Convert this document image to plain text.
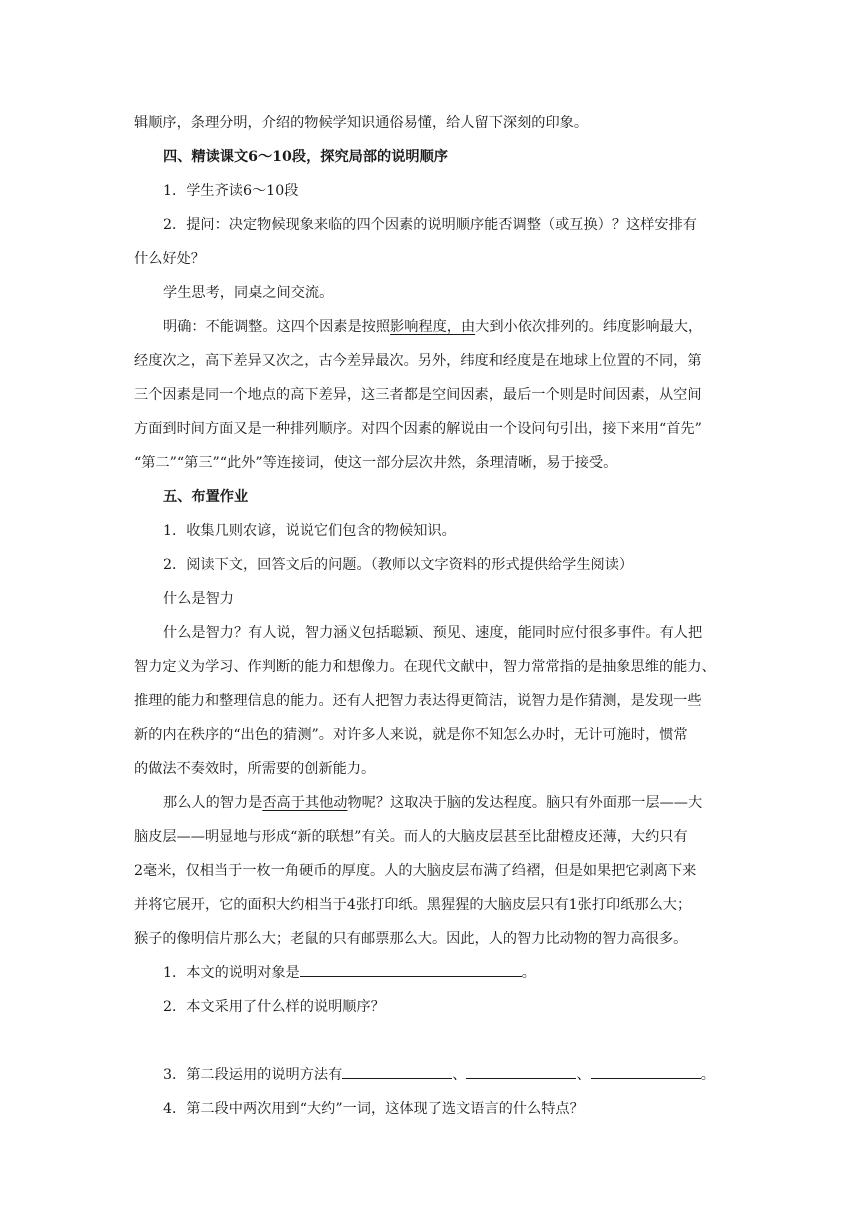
辑顺序，条理分明，介绍的物候学知识通俗易懂，给人留下深刻的印象。

四、精读课文6～10段，探究局部的说明顺序

1．学生齐读6～10段

2．提问：决定物候现象来临的四个因素的说明顺序能否调整（或互换）？这样安排有

什么好处？

学生思考，同桌之间交流。

明确：不能调整。这四个因素是按照影响程度，由大到小依次排列的。纬度影响最大，

经度次之，高下差异又次之，古今差异最次。另外，纬度和经度是在地球上位置的不同，第

三个因素是同一个地点的高下差异，这三者都是空间因素，最后一个则是时间因素，从空间

方面到时间方面又是一种排列顺序。对四个因素的解说由一个设问句引出，接下来用“首先”

“第二”“第三”“此外”等连接词，使这一部分层次井然，条理清晰，易于接受。

五、布置作业

1．收集几则农谚，说说它们包含的物候知识。

2．阅读下文，回答文后的问题。（教师以文字资料的形式提供给学生阅读）

什么是智力

什么是智力？有人说，智力涵义包括聪颖、预见、速度，能同时应付很多事件。有人把

智力定义为学习、作判断的能力和想像力。在现代文献中，智力常常指的是抽象思维的能力、

推理的能力和整理信息的能力。还有人把智力表达得更简洁，说智力是作猜测，是发现一些

新的内在秩序的“出色的猜测”。对许多人来说，就是你不知怎么办时，无计可施时，惯常

的做法不奏效时，所需要的创新能力。

那么人的智力是否高于其他动物呢？这取决于脑的发达程度。脑只有外面那一层——大

脑皮层——明显地与形成“新的联想”有关。而人的大脑皮层甚至比甜橙皮还薄，大约只有

2毫米，仅相当于一枚一角硬币的厚度。人的大脑皮层布满了绉褶，但是如果把它剥离下来

并将它展开，它的面积大约相当于4张打印纸。黑猩猩的大脑皮层只有1张打印纸那么大；

猴子的像明信片那么大；老鼠的只有邮票那么大。因此，人的智力比动物的智力高很多。

1．本文的说明对象是	。

2．本文采用了什么样的说明顺序？

3．第二段运用的说明方法有	、	、	。

4．第二段中两次用到“大约”一词，这体现了选文语言的什么特点？
